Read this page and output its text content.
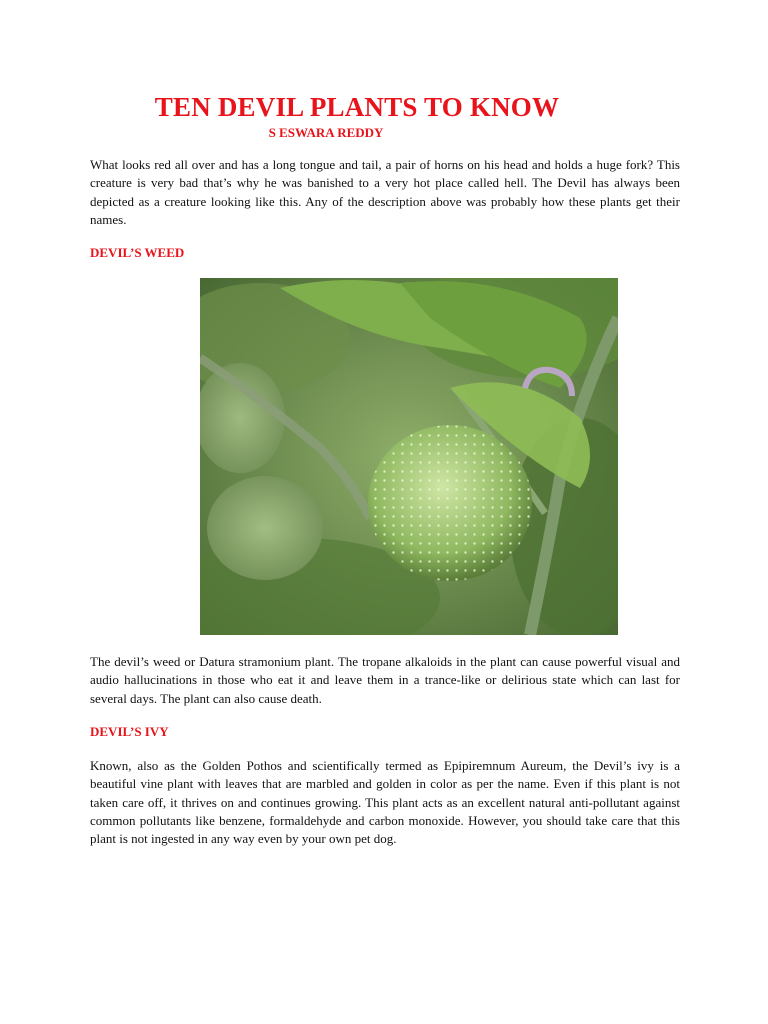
TEN DEVIL PLANTS TO KNOW
S ESWARA REDDY

What looks red all over and has a long tongue and tail, a pair of horns on his head and holds a huge fork? This creature is very bad that’s why he was banished to a very hot place called hell. The Devil has always been depicted as a creature looking like this. Any of the description above was probably how these plants get their names.

DEVIL’S WEED

The devil’s weed or Datura stramonium plant. The tropane alkaloids in the plant can cause powerful visual and audio hallucinations in those who eat it and leave them in a trance-like or delirious state which can last for several days. The plant can also cause death.

DEVIL’S IVY

Known, also as the Golden Pothos and scientifically termed as Epipiremnum Aureum, the Devil’s ivy is a beautiful vine plant with leaves that are marbled and golden in color as per the name. Even if this plant is not taken care off, it thrives on and continues growing. This plant acts as an excellent natural anti-pollutant against common pollutants like benzene, formaldehyde and carbon monoxide. However, you should take care that this plant is not ingested in any way even by your own pet dog.
